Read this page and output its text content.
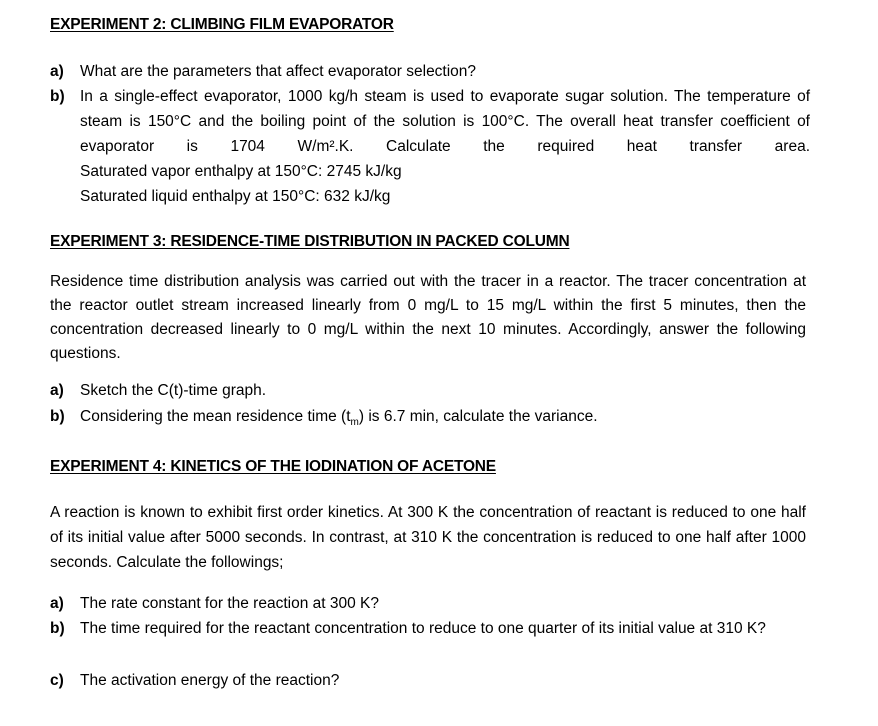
EXPERIMENT 2: CLIMBING FILM EVAPORATOR
a) What are the parameters that affect evaporator selection?
b) In a single-effect evaporator, 1000 kg/h steam is used to evaporate sugar solution. The temperature of steam is 150°C and the boiling point of the solution is 100°C. The overall heat transfer coefficient of evaporator is 1704 W/m².K. Calculate the required heat transfer area.
Saturated vapor enthalpy at 150°C: 2745 kJ/kg
Saturated liquid enthalpy at 150°C: 632 kJ/kg
EXPERIMENT 3: RESIDENCE-TIME DISTRIBUTION IN PACKED COLUMN
Residence time distribution analysis was carried out with the tracer in a reactor. The tracer concentration at the reactor outlet stream increased linearly from 0 mg/L to 15 mg/L within the first 5 minutes, then the concentration decreased linearly to 0 mg/L within the next 10 minutes. Accordingly, answer the following questions.
a) Sketch the C(t)-time graph.
b) Considering the mean residence time $(t_m)$ is 6.7 min, calculate the variance.
EXPERIMENT 4: KINETICS OF THE IODINATION OF ACETONE
A reaction is known to exhibit first order kinetics. At 300 K the concentration of reactant is reduced to one half of its initial value after 5000 seconds. In contrast, at 310 K the concentration is reduced to one half after 1000 seconds. Calculate the followings;
a) The rate constant for the reaction at 300 K?
b) The time required for the reactant concentration to reduce to one quarter of its initial value at 310 K?
c) The activation energy of the reaction?
